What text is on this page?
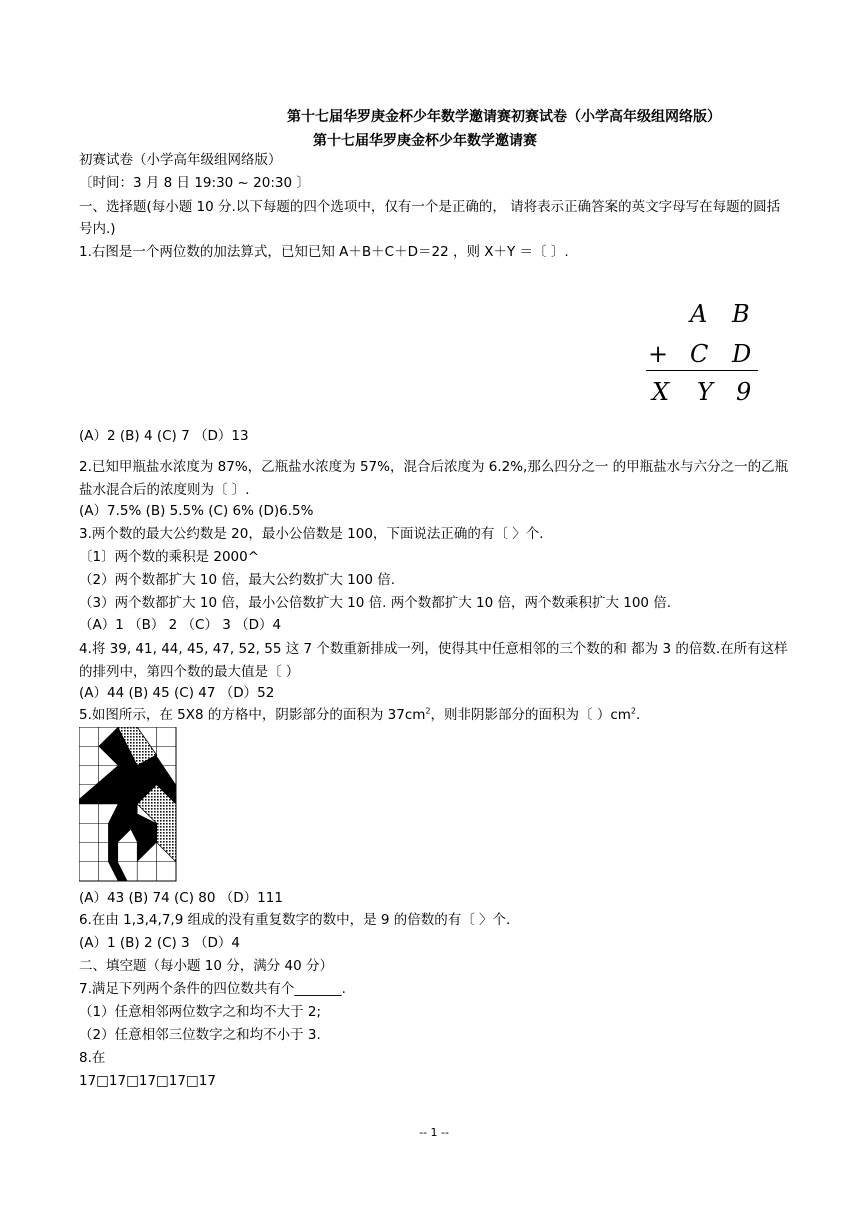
第十七届华罗庚金杯少年数学邀请赛初赛试卷（小学高年级组网络版）
第十七届华罗庚金杯少年数学邀请赛
初赛试卷（小学高年级组网络版）
〔时间：3 月 8 日 19:30 ~ 20:30 〕
一、选择题(每小题 10 分.以下每题的四个选项中，仅有一个是正确的， 请将表示正确答案的英文字母写在每题的圆括号内.)
1.右图是一个两位数的加法算式，已知已知 A＋B＋C＋D＝22 ，则 X＋Y ＝〔 〕.
A B
+ C D
X Y 9
(A）2 (B) 4 (C) 7 （D）13
2.已知甲瓶盐水浓度为 87%，乙瓶盐水浓度为 57%，混合后浓度为 6.2%,那么四分之一 的甲瓶盐水与六分之一的乙瓶盐水混合后的浓度则为〔 〕.
(A）7.5% (B) 5.5% (C) 6% (D)6.5%
3.两个数的最大公约数是 20，最小公倍数是 100，下面说法正确的有〔 〉个.
〔1〕两个数的乘积是 2000^
（2）两个数都扩大 10 倍，最大公约数扩大 100 倍.
（3）两个数都扩大 10 倍，最小公倍数扩大 10 倍. 两个数都扩大 10 倍，两个数乘积扩大 100 倍.
（A）1 （B） 2 （C） 3 （D）4
4.将 39, 41, 44, 45, 47, 52, 55 这 7 个数重新排成一列，使得其中任意相邻的三个数的和 都为 3 的倍数.在所有这样的排列中，第四个数的最大值是〔 ）
(A）44 (B) 45 (C) 47 （D）52
5.如图所示，在 5X8 的方格中，阴影部分的面积为 $37cm^2$，则非阴影部分的面积为〔 ）$cm^2$.
(A）43 (B) 74 (C) 80 （D）111
6.在由 1,3,4,7,9 组成的没有重复数字的数中，是 9 的倍数的有〔 〉个.
(A）1 (B) 2 (C) 3 （D）4
二、填空题（每小题 10 分，满分 40 分）
7.满足下列两个条件的四位数共有个_______.
（1）任意相邻两位数字之和均不大于 2;
（2）任意相邻三位数字之和均不小于 3.
8.在
17□17□17□17□17
-- 1 --
